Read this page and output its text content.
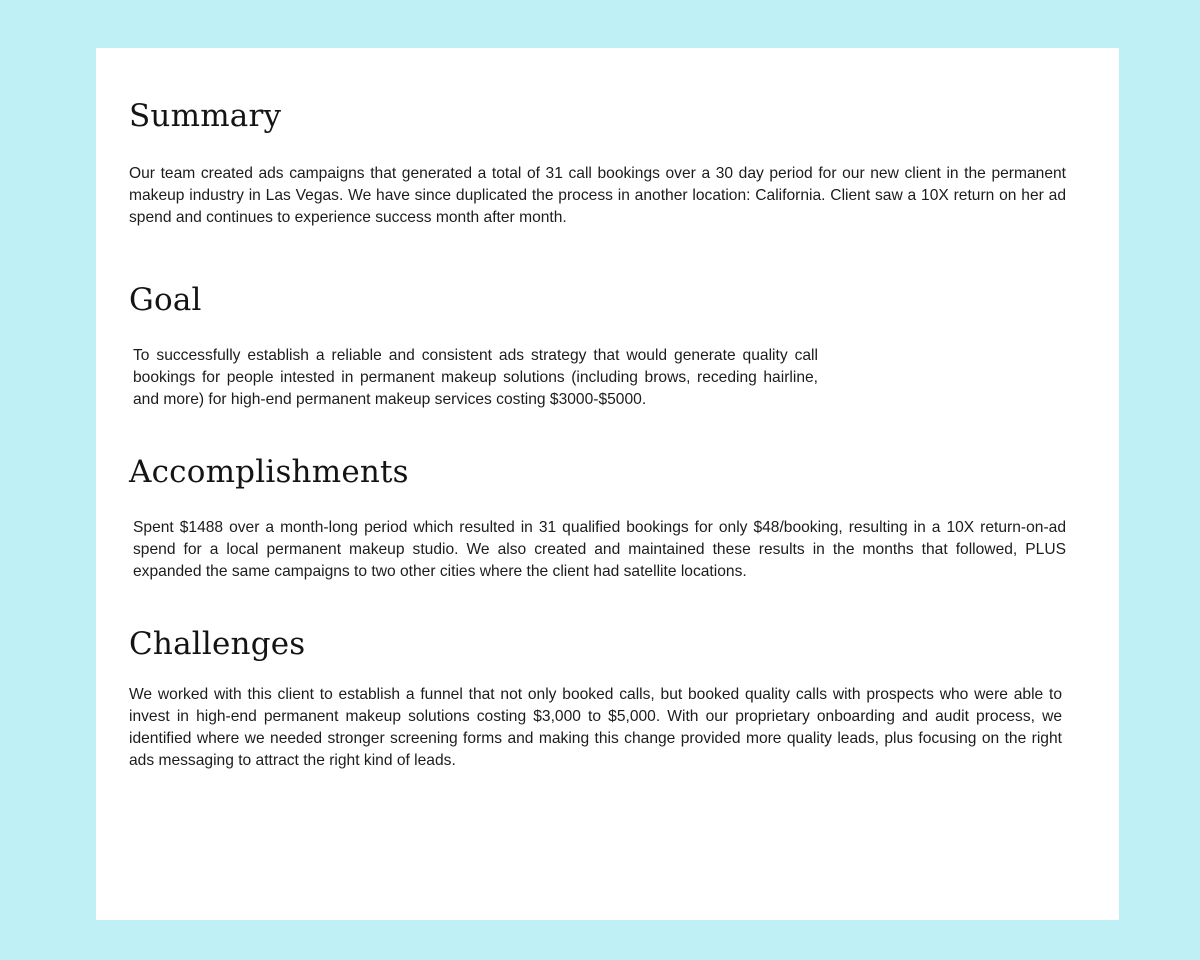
Summary

Our team created ads campaigns that generated a total of 31 call bookings over a 30 day period for our new client in the permanent makeup industry in Las Vegas. We have since duplicated the process in another location: California. Client saw a 10X return on her ad spend and continues to experience success month after month.

Goal

To successfully establish a reliable and consistent ads strategy that would generate quality call bookings for people intested in permanent makeup solutions (including brows, receding hairline, and more) for high-end permanent makeup services costing $3000-$5000.

Accomplishments

Spent $1488 over a month-long period which resulted in 31 qualified bookings for only $48/booking, resulting in a 10X return-on-ad spend for a local permanent makeup studio. We also created and maintained these results in the months that followed, PLUS expanded the same campaigns to two other cities where the client had satellite locations.

Challenges

We worked with this client to establish a funnel that not only booked calls, but booked quality calls with prospects who were able to invest in high-end permanent makeup solutions costing $3,000 to $5,000. With our proprietary onboarding and audit process, we identified where we needed stronger screening forms and making this change provided more quality leads, plus focusing on the right ads messaging to attract the right kind of leads.
